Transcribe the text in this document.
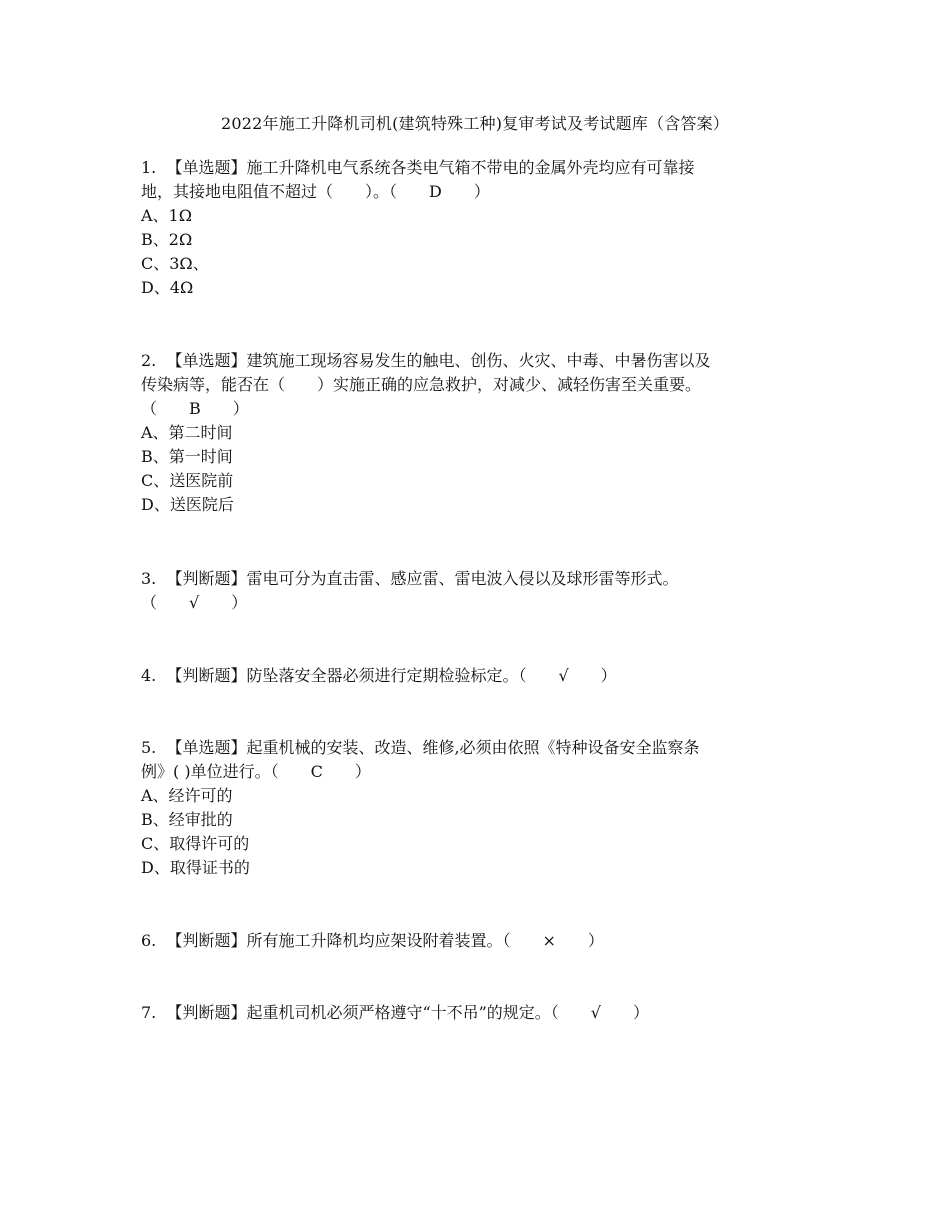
2022年施工升降机司机(建筑特殊工种)复审考试及考试题库（含答案）
1.  【单选题】施工升降机电气系统各类电气箱不带电的金属外壳均应有可靠接
地，其接地电阻值不超过（　　）。（　　D　　）
A、1Ω
B、2Ω
C、3Ω、
D、4Ω
2.  【单选题】建筑施工现场容易发生的触电、创伤、火灾、中毒、中暑伤害以及
传染病等，能否在（　　）实施正确的应急救护，对减少、减轻伤害至关重要。
（　　B　　）
A、第二时间
B、第一时间
C、送医院前
D、送医院后
3.  【判断题】雷电可分为直击雷、感应雷、雷电波入侵以及球形雷等形式。
（　　√　　）
4.  【判断题】防坠落安全器必须进行定期检验标定。（　　√　　）
5.  【单选题】起重机械的安装、改造、维修,必须由依照《特种设备安全监察条
例》( )单位进行。（　　C　　）
A、经许可的
B、经审批的
C、取得许可的
D、取得证书的
6.  【判断题】所有施工升降机均应架设附着装置。（　　×　　）
7.  【判断题】起重机司机必须严格遵守“十不吊”的规定。（　　√　　）
